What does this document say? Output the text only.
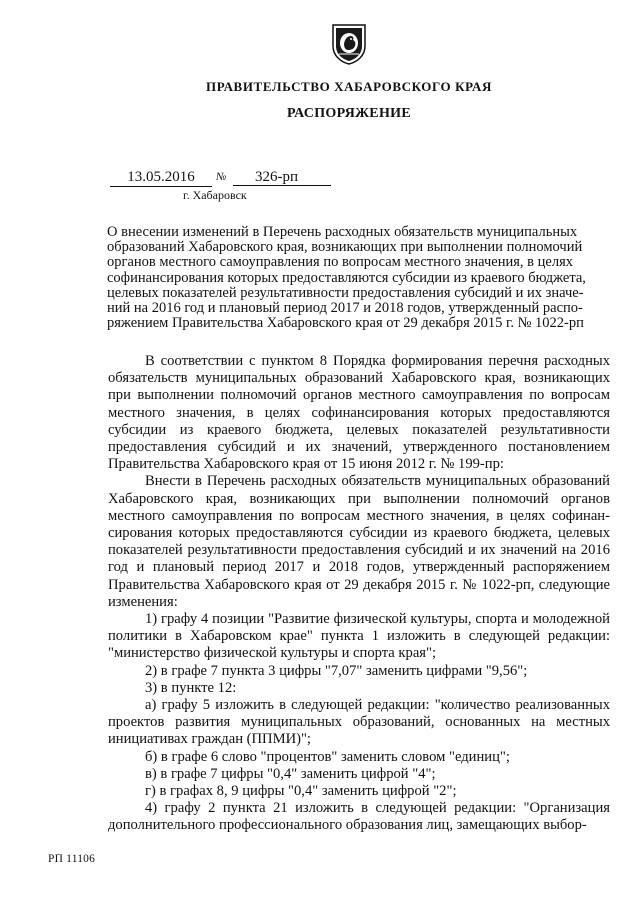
ПРАВИТЕЛЬСТВО ХАБАРОВСКОГО КРАЯ
РАСПОРЯЖЕНИЕ
13.05.2016	№	326-рп
г. Хабаровск
О внесении изменений в Перечень расходных обязательств муниципальных
образований Хабаровского края, возникающих при выполнении полномочий
органов местного самоуправления по вопросам местного значения, в целях
софинансирования которых предоставляются субсидии из краевого бюджета,
целевых показателей результативности предоставления субсидий и их значе-
ний на 2016 год и плановый период 2017 и 2018 годов, утвержденный распо-
ряжением Правительства Хабаровского края от 29 декабря 2015 г. № 1022-рп

В соответствии с пунктом 8 Порядка формирования перечня расходных обязательств муниципальных образований Хабаровского края, возникающих при выполнении полномочий органов местного самоуправления по вопросам местного значения, в целях софинансирования которых предоставляются субсидии из краевого бюджета, целевых показателей результативности предоставления субсидий и их значений, утвержденного постановлением Правительства Хабаровского края от 15 июня 2012 г. № 199-пр:

Внести в Перечень расходных обязательств муниципальных образований Хабаровского края, возникающих при выполнении полномочий органов местного самоуправления по вопросам местного значения, в целях софинансирования которых предоставляются субсидии из краевого бюджета, целевых показателей результативности предоставления субсидий и их значений на 2016 год и плановый период 2017 и 2018 годов, утвержденный распоряжением Правительства Хабаровского края от 29 декабря 2015 г. № 1022-рп, следующие изменения:

1) графу 4 позиции "Развитие физической культуры, спорта и молодежной политики в Хабаровском крае" пункта 1 изложить в следующей редакции: "министерство физической культуры и спорта края";

2) в графе 7 пункта 3 цифры "7,07" заменить цифрами "9,56";

3) в пункте 12:

а) графу 5 изложить в следующей редакции: "количество реализованных проектов развития муниципальных образований, основанных на местных инициативах граждан (ППМИ)";

б) в графе 6 слово "процентов" заменить словом "единиц";

в) в графе 7 цифры "0,4" заменить цифрой "4";

г) в графах 8, 9 цифры "0,4" заменить цифрой "2";

4) графу 2 пункта 21 изложить в следующей редакции: "Организация дополнительного профессионального образования лиц, замещающих выбор-

РП 11106
